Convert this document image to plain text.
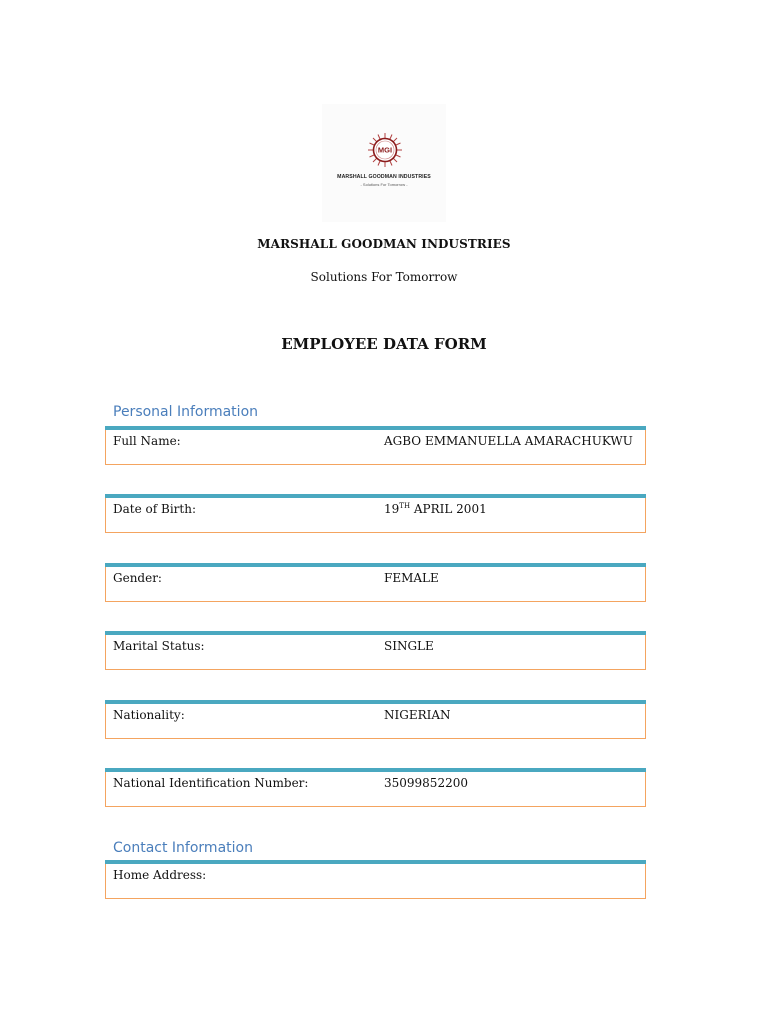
MGI
MARSHALL GOODMAN INDUSTRIES
- Solutions For Tomorrow -
MARSHALL GOODMAN INDUSTRIES
Solutions For Tomorrow
EMPLOYEE DATA FORM
Personal Information
Full Name:	AGBO EMMANUELLA AMARACHUKWU
Date of Birth:	19TH APRIL 2001
Gender:	FEMALE
Marital Status:	SINGLE
Nationality:	NIGERIAN
National Identification Number:	35099852200
Contact Information
Home Address:
